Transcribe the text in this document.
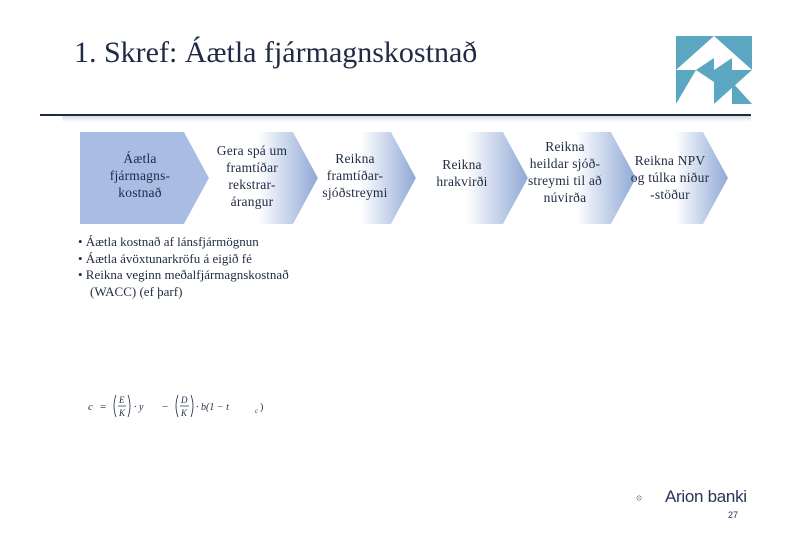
1. Skref: Áætla fjármagnskostnað
Áætla
fjármagns-
kostnað
Gera spá um
framtíðar
rekstrar-
árangur
Reikna
framtíðar-
sjóðstreymi
Reikna
hrakvirði
Reikna
heildar sjóð-
streymi til að
núvirða
Reikna NPV
og túlka niður
-stöður
• Áætla kostnað af lánsfjármögnun
• Áætla ávöxtunarkröfu á eigið fé
• Reikna veginn meðalfjármagnskostnað (WACC) (ef þarf)
c =
E
K · y −
D
K · b(1 − t	c )
Arion banki
27
